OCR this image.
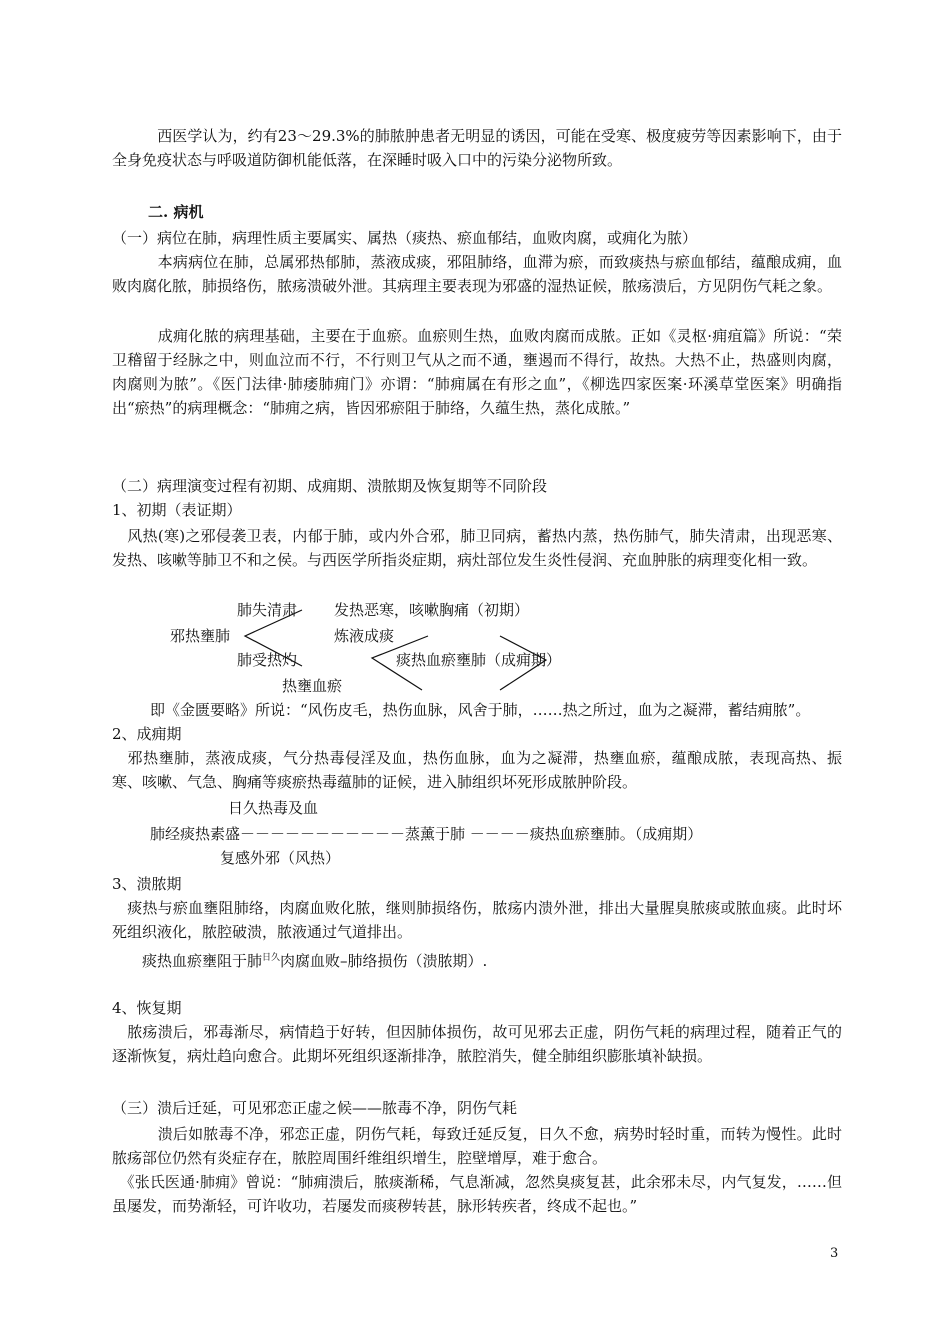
　　　西医学认为，约有23～29.3%的肺脓肿患者无明显的诱因，可能在受寒、极度疲劳等因素影响下，由于全身免疫状态与呼吸道防御机能低落，在深睡时吸入口中的污染分泌物所致。
二. 病机
（一）病位在肺，病理性质主要属实、属热（痰热、瘀血郁结，血败肉腐，或痈化为脓）
　　　本病病位在肺，总属邪热郁肺，蒸液成痰，邪阻肺络，血滞为瘀，而致痰热与瘀血郁结，蕴酿成痈，血败肉腐化脓，肺损络伤，脓疡溃破外泄。其病理主要表现为邪盛的湿热证候，脓疡溃后，方见阴伤气耗之象。
　　　成痈化脓的病理基础，主要在于血瘀。血瘀则生热，血败肉腐而成脓。正如《灵枢·痈疽篇》所说：“荣卫稽留于经脉之中，则血泣而不行，不行则卫气从之而不通，壅遏而不得行，故热。大热不止，热盛则肉腐，肉腐则为脓”。《医门法律·肺痿肺痈门》亦谓：“肺痈属在有形之血”，《柳选四家医案·环溪草堂医案》明确指出“瘀热”的病理概念：“肺痈之病，皆因邪瘀阻于肺络，久蕴生热，蒸化成脓。”
（二）病理演变过程有初期、成痈期、溃脓期及恢复期等不同阶段
1、初期（表证期）
　风热(寒)之邪侵袭卫表，内郁于肺，或内外合邪，肺卫同病，蓄热内蒸，热伤肺气，肺失清肃，出现恶寒、发热、咳嗽等肺卫不和之侯。与西医学所指炎症期，病灶部位发生炎性侵润、充血肿胀的病理变化相一致。
肺失清肃 发热恶寒，咳嗽胸痛（初期）
邪热壅肺	炼液成痰
肺受热灼	痰热血瘀壅肺（成痈期）
热壅血瘀
即《金匮要略》所说：“风伤皮毛，热伤血脉，风舍于肺，……热之所过，血为之凝滞，蓄结痈脓”。
2、成痈期
　邪热壅肺，蒸液成痰，气分热毒侵淫及血，热伤血脉，血为之凝滞，热壅血瘀，蕴酿成脓，表现高热、振寒、咳嗽、气急、胸痛等痰瘀热毒蕴肺的证候，进入肺组织坏死形成脓肿阶段。
日久热毒及血
肺经痰热素盛－－－－－－－－－－－蒸薰于肺 －－－－痰热血瘀壅肺。（成痈期）
复感外邪（风热）
3、溃脓期
　痰热与瘀血壅阻肺络，肉腐血败化脓，继则肺损络伤，脓疡内溃外泄，排出大量腥臭脓痰或脓血痰。此时坏死组织液化，脓腔破溃，脓液通过气道排出。
　　痰热血瘀壅阻于肺$^{日久}$肉腐血败–肺络损伤（溃脓期）.
4、恢复期
　脓疡溃后，邪毒渐尽，病情趋于好转，但因肺体损伤，故可见邪去正虚，阴伤气耗的病理过程，随着正气的逐渐恢复，病灶趋向愈合。此期坏死组织逐渐排净，脓腔消失，健全肺组织膨胀填补缺损。
（三）溃后迁延，可见邪恋正虚之候——脓毒不净，阴伤气耗
　　　溃后如脓毒不净，邪恋正虚，阴伤气耗，每致迁延反复，日久不愈，病势时轻时重，而转为慢性。此时脓疡部位仍然有炎症存在，脓腔周围纤维组织增生，腔壁增厚，难于愈合。
　《张氏医通·肺痈》曾说：“肺痈溃后，脓痰渐稀，气息渐减，忽然臭痰复甚，此余邪未尽，内气复发，……但虽屡发，而势渐轻，可许收功，若屡发而痰秽转甚，脉形转疾者，终成不起也。”
3
